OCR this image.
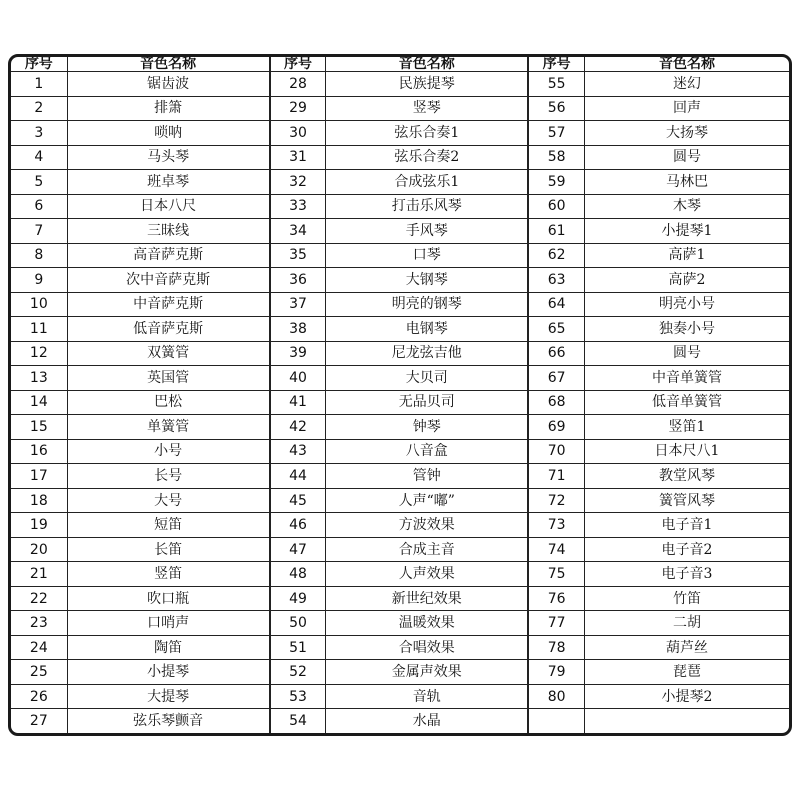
序号	音色名称	序号	音色名称	序号	音色名称
1	锯齿波	28	民族提琴	55	迷幻
2	排箫	29	竖琴	56	回声
3	唢呐	30	弦乐合奏1	57	大扬琴
4	马头琴	31	弦乐合奏2	58	圆号
5	班卓琴	32	合成弦乐1	59	马林巴
6	日本八尺	33	打击乐风琴	60	木琴
7	三昧线	34	手风琴	61	小提琴1
8	高音萨克斯	35	口琴	62	高萨1
9	次中音萨克斯	36	大钢琴	63	高萨2
10	中音萨克斯	37	明亮的钢琴	64	明亮小号
11	低音萨克斯	38	电钢琴	65	独奏小号
12	双簧管	39	尼龙弦吉他	66	圆号
13	英国管	40	大贝司	67	中音单簧管
14	巴松	41	无品贝司	68	低音单簧管
15	单簧管	42	钟琴	69	竖笛1
16	小号	43	八音盒	70	日本尺八1
17	长号	44	管钟	71	教堂风琴
18	大号	45	人声“嘟”	72	簧管风琴
19	短笛	46	方波效果	73	电子音1
20	长笛	47	合成主音	74	电子音2
21	竖笛	48	人声效果	75	电子音3
22	吹口瓶	49	新世纪效果	76	竹笛
23	口哨声	50	温暖效果	77	二胡
24	陶笛	51	合唱效果	78	葫芦丝
25	小提琴	52	金属声效果	79	琵琶
26	大提琴	53	音轨	80	小提琴2
27	弦乐琴颤音	54	水晶		
